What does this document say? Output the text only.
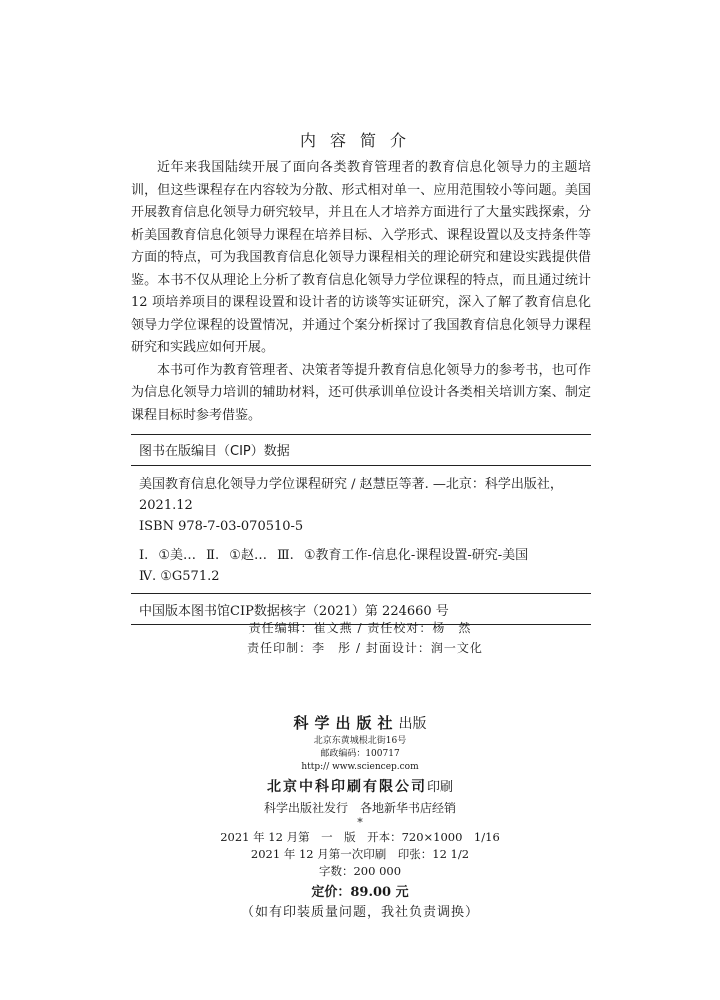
内容简介

近年来我国陆续开展了面向各类教育管理者的教育信息化领导力的主题培训，但这些课程存在内容较为分散、形式相对单一、应用范围较小等问题。美国开展教育信息化领导力研究较早，并且在人才培养方面进行了大量实践探索，分析美国教育信息化领导力课程在培养目标、入学形式、课程设置以及支持条件等方面的特点，可为我国教育信息化领导力课程相关的理论研究和建设实践提供借鉴。本书不仅从理论上分析了教育信息化领导力学位课程的特点，而且通过统计 12 项培养项目的课程设置和设计者的访谈等实证研究，深入了解了教育信息化领导力学位课程的设置情况，并通过个案分析探讨了我国教育信息化领导力课程研究和实践应如何开展。

本书可作为教育管理者、决策者等提升教育信息化领导力的参考书，也可作为信息化领导力培训的辅助材料，还可供承训单位设计各类相关培训方案、制定课程目标时参考借鉴。

图书在版编目（CIP）数据

美国教育信息化领导力学位课程研究 / 赵慧臣等著. —北京：科学出版社，2021.12

ISBN 978-7-03-070510-5

Ⅰ. ①美… Ⅱ. ①赵… Ⅲ. ①教育工作-信息化-课程设置-研究-美国

Ⅳ. ①G571.2

中国版本图书馆CIP数据核字（2021）第 224660 号

责任编辑：崔文燕 / 责任校对：杨　然

责任印制：李　彤 / 封面设计：润一文化

科学出版社出版

北京东黄城根北街16号

邮政编码：100717

http:// www.sciencep.com

北京中科印刷有限公司印刷

科学出版社发行　各地新华书店经销

*

2021 年 12 月第　一　版　开本：720×1000　1/16

2021 年 12 月第一次印刷　印张：12 1/2

字数：200 000

定价：89.00 元

（如有印装质量问题，我社负责调换）
